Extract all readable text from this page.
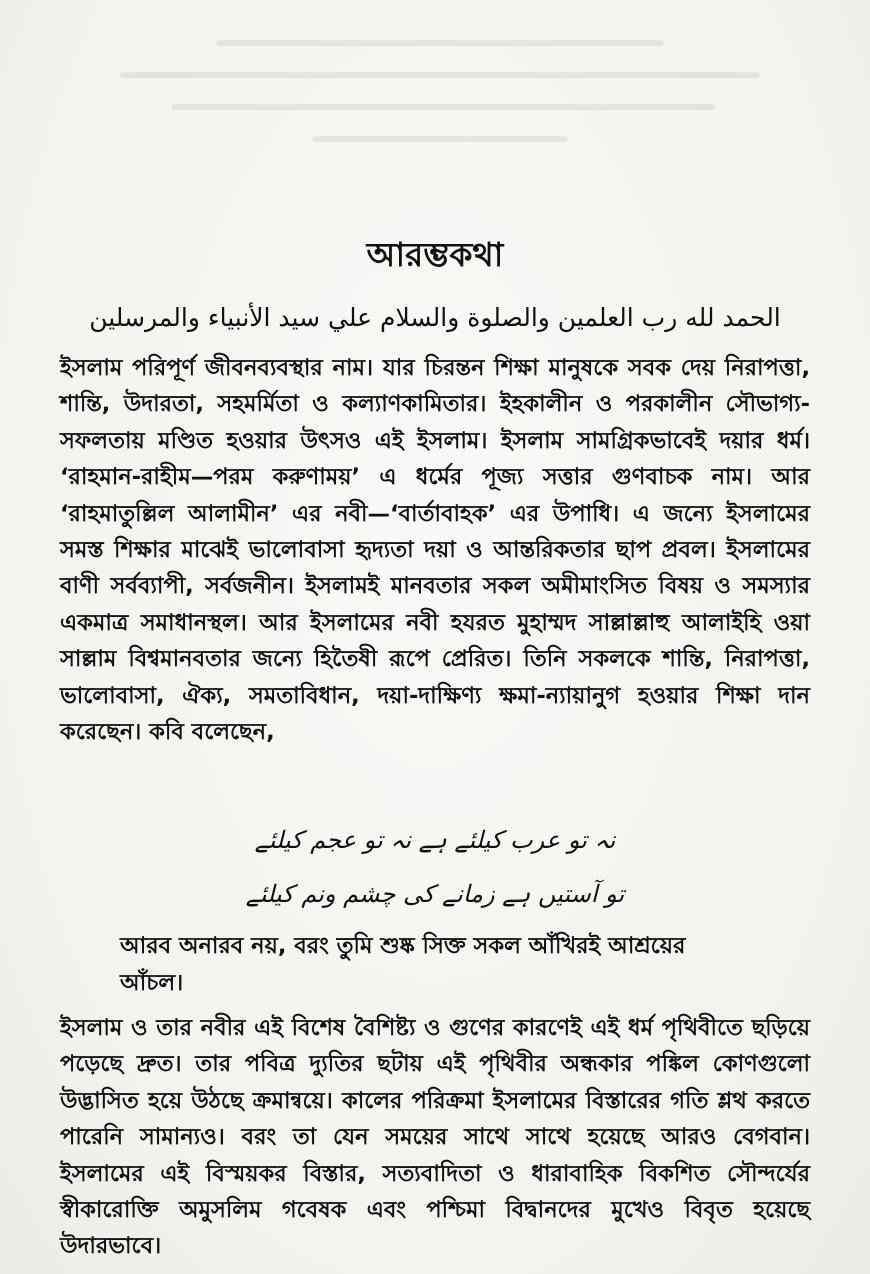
আরম্ভকথা
الحمد لله رب العلمين والصلوة والسلام علي سيد الأنبياء والمرسلين
ইসলাম পরিপূর্ণ জীবনব্যবস্থার নাম। যার চিরন্তন শিক্ষা মানুষকে সবক দেয় নিরাপত্তা, শান্তি, উদারতা, সহমর্মিতা ও কল্যাণকামিতার। ইহকালীন ও পরকালীন সৌভাগ্য-সফলতায় মণ্ডিত হওয়ার উৎসও এই ইসলাম। ইসলাম সামগ্রিকভাবেই দয়ার ধর্ম। ‘রাহমান-রাহীম—পরম করুণাময়’ এ ধর্মের পূজ্য সত্তার গুণবাচক নাম। আর ‘রাহমাতুল্লিল আলামীন’ এর নবী—‘বার্তাবাহক’ এর উপাধি। এ জন্যে ইসলামের সমস্ত শিক্ষার মাঝেই ভালোবাসা হৃদ্যতা দয়া ও আন্তরিকতার ছাপ প্রবল। ইসলামের বাণী সর্বব্যাপী, সর্বজনীন। ইসলামই মানবতার সকল অমীমাংসিত বিষয় ও সমস্যার একমাত্র সমাধানস্থল। আর ইসলামের নবী হযরত মুহাম্মদ সাল্লাল্লাহু আলাইহি ওয়া সাল্লাম বিশ্বমানবতার জন্যে হিতৈষী রূপে প্রেরিত। তিনি সকলকে শান্তি, নিরাপত্তা, ভালোবাসা, ঐক্য, সমতাবিধান, দয়া-দাক্ষিণ্য ক্ষমা-ন্যায়ানুগ হওয়ার শিক্ষা দান করেছেন। কবি বলেছেন,
نہ تو عرب کیلئے ہے نہ تو عجم کیلئے
تو آستیں ہے زمانے کی چشم ونم کیلئے
আরব অনারব নয়, বরং তুমি শুষ্ক সিক্ত সকল আঁখিরই আশ্রয়ের আঁচল।
ইসলাম ও তার নবীর এই বিশেষ বৈশিষ্ট্য ও গুণের কারণেই এই ধর্ম পৃথিবীতে ছড়িয়ে পড়েছে দ্রুত। তার পবিত্র দ্যুতির ছটায় এই পৃথিবীর অন্ধকার পঙ্কিল কোণগুলো উদ্ভাসিত হয়ে উঠছে ক্রমান্বয়ে। কালের পরিক্রমা ইসলামের বিস্তারের গতি শ্লথ করতে পারেনি সামান্যও। বরং তা যেন সময়ের সাথে সাথে হয়েছে আরও বেগবান। ইসলামের এই বিস্ময়কর বিস্তার, সত্যবাদিতা ও ধারাবাহিক বিকশিত সৌন্দর্যের স্বীকারোক্তি অমুসলিম গবেষক এবং পশ্চিমা বিদ্বানদের মুখেও বিবৃত হয়েছে উদারভাবে।
